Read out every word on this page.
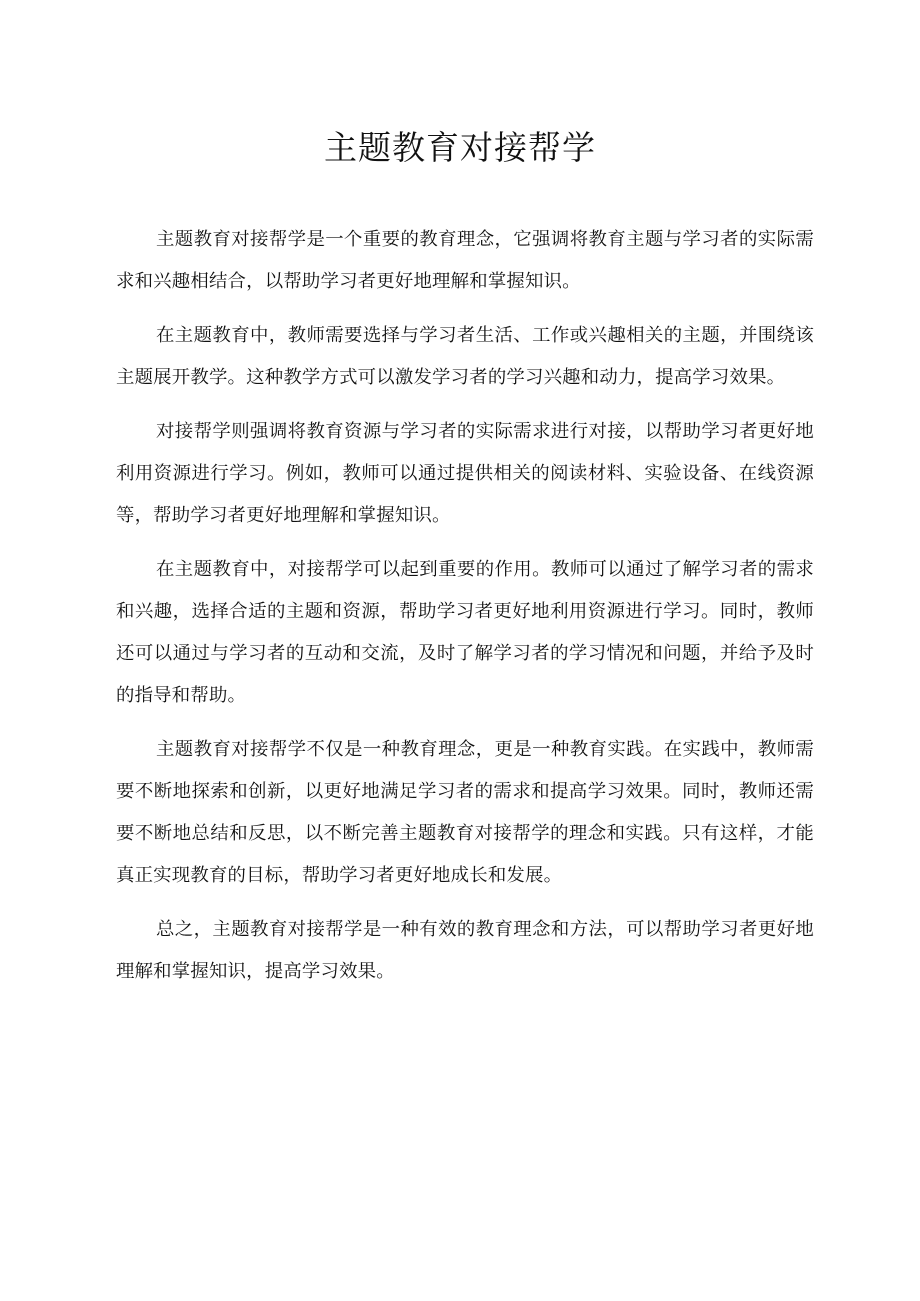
主题教育对接帮学

主题教育对接帮学是一个重要的教育理念，它强调将教育主题与学习者的实际需求和兴趣相结合，以帮助学习者更好地理解和掌握知识。

在主题教育中，教师需要选择与学习者生活、工作或兴趣相关的主题，并围绕该主题展开教学。这种教学方式可以激发学习者的学习兴趣和动力，提高学习效果。

对接帮学则强调将教育资源与学习者的实际需求进行对接，以帮助学习者更好地利用资源进行学习。例如，教师可以通过提供相关的阅读材料、实验设备、在线资源等，帮助学习者更好地理解和掌握知识。

在主题教育中，对接帮学可以起到重要的作用。教师可以通过了解学习者的需求和兴趣，选择合适的主题和资源，帮助学习者更好地利用资源进行学习。同时，教师还可以通过与学习者的互动和交流，及时了解学习者的学习情况和问题，并给予及时的指导和帮助。

主题教育对接帮学不仅是一种教育理念，更是一种教育实践。在实践中，教师需要不断地探索和创新，以更好地满足学习者的需求和提高学习效果。同时，教师还需要不断地总结和反思，以不断完善主题教育对接帮学的理念和实践。只有这样，才能真正实现教育的目标，帮助学习者更好地成长和发展。

总之，主题教育对接帮学是一种有效的教育理念和方法，可以帮助学习者更好地理解和掌握知识，提高学习效果。
